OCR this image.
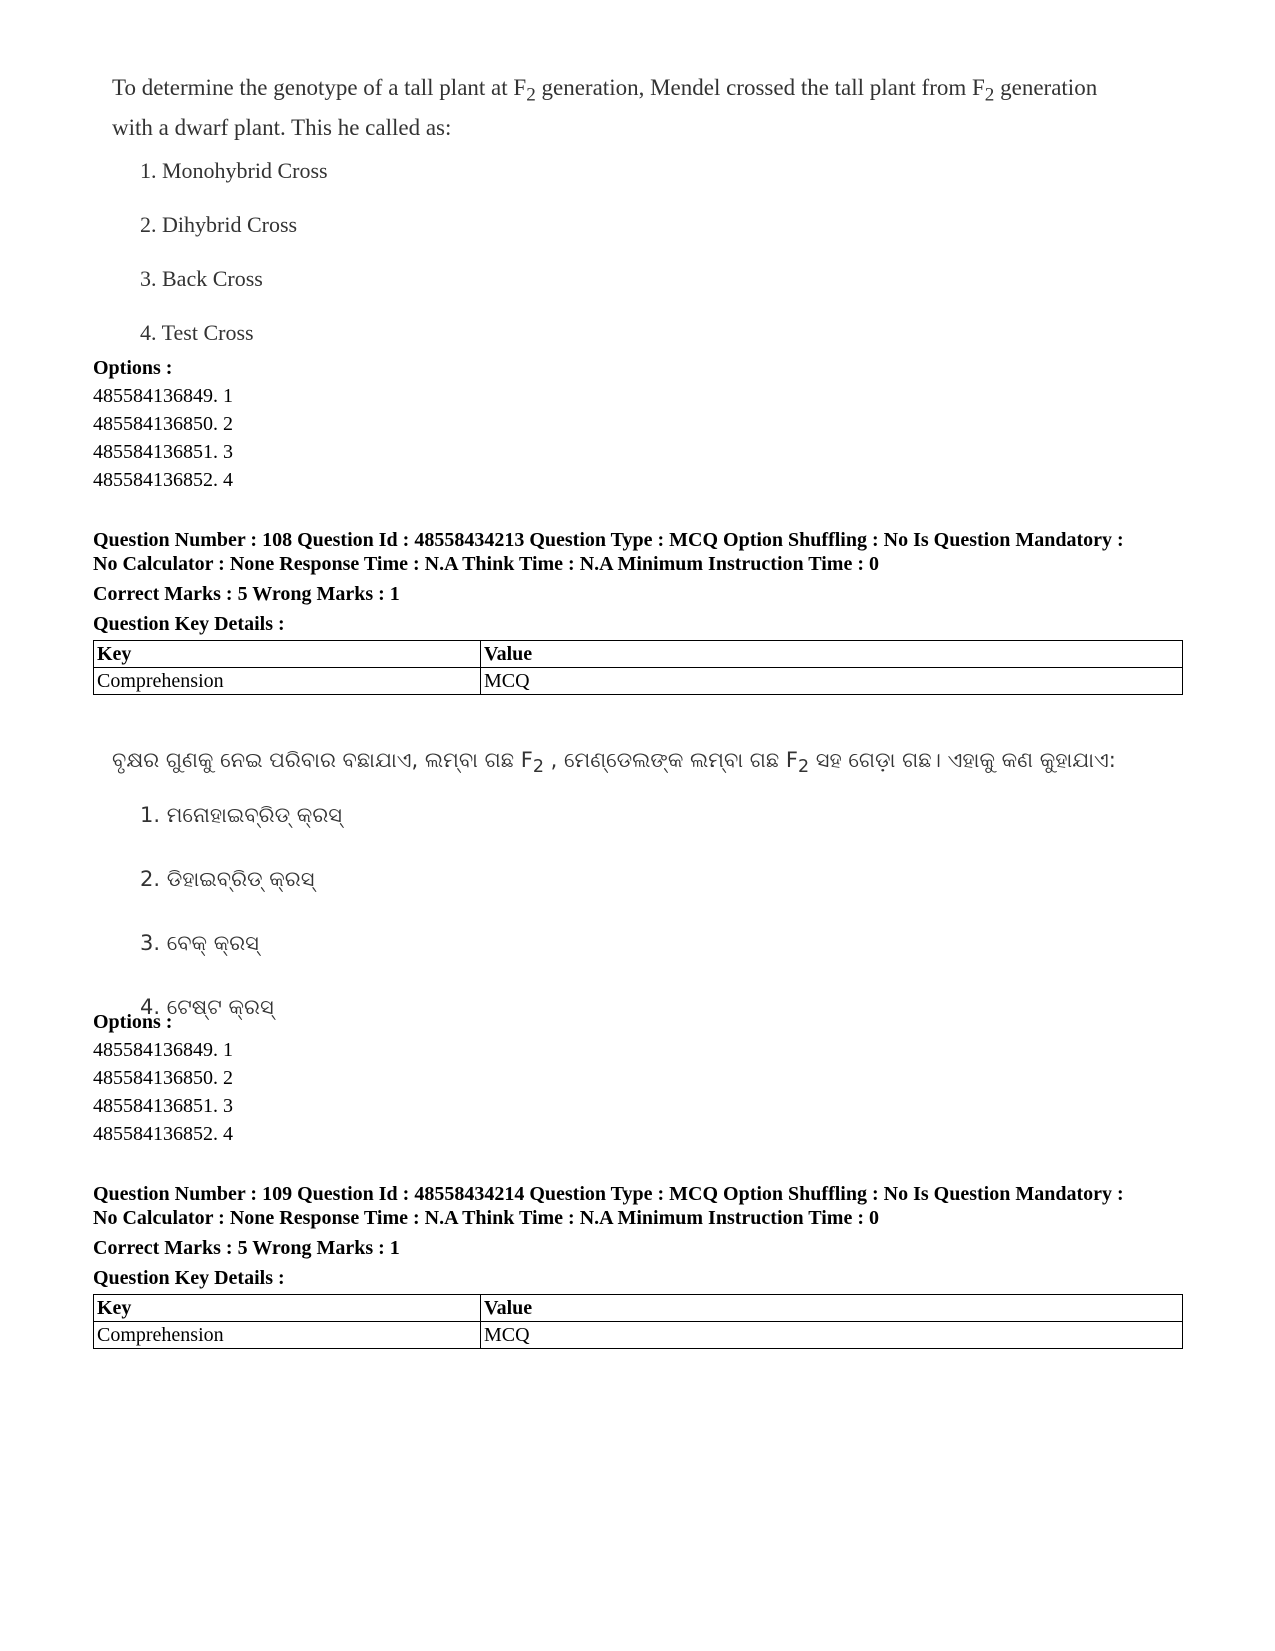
To determine the genotype of a tall plant at $F_2$ generation, Mendel crossed the tall plant from $F_2$ generation

with a dwarf plant. This he called as:

1. Monohybrid Cross

2. Dihybrid Cross

3. Back Cross

4. Test Cross

Options :

485584136849. 1

485584136850. 2

485584136851. 3

485584136852. 4

Question Number : 108 Question Id : 48558434213 Question Type : MCQ Option Shuffling : No Is Question Mandatory :

No Calculator : None Response Time : N.A Think Time : N.A Minimum Instruction Time : 0

Correct Marks : 5 Wrong Marks : 1

Question Key Details :

Key	Value
Comprehension	MCQ

ବୃକ୍ଷର ଗୁଣକୁ ନେଇ ପରିବାର ବଛାଯାଏ, ଲମ୍ବା ଗଛ $F_2$ , ମେଣ୍ଡେଲଙ୍କ ଲମ୍ବା ଗଛ $F_2$ ସହ ଗେଡ଼ା ଗଛ। ଏହାକୁ କଣ କୁହାଯାଏ:

1. ମନୋହାଇବ୍ରିଡ୍ କ୍ରସ୍

2. ଡିହାଇବ୍ରିଡ୍ କ୍ରସ୍

3. ବେକ୍ କ୍ରସ୍

4. ଟେଷ୍ଟ କ୍ରସ୍

Options :

485584136849. 1

485584136850. 2

485584136851. 3

485584136852. 4

Question Number : 109 Question Id : 48558434214 Question Type : MCQ Option Shuffling : No Is Question Mandatory :

No Calculator : None Response Time : N.A Think Time : N.A Minimum Instruction Time : 0

Correct Marks : 5 Wrong Marks : 1

Question Key Details :

Key	Value
Comprehension	MCQ
